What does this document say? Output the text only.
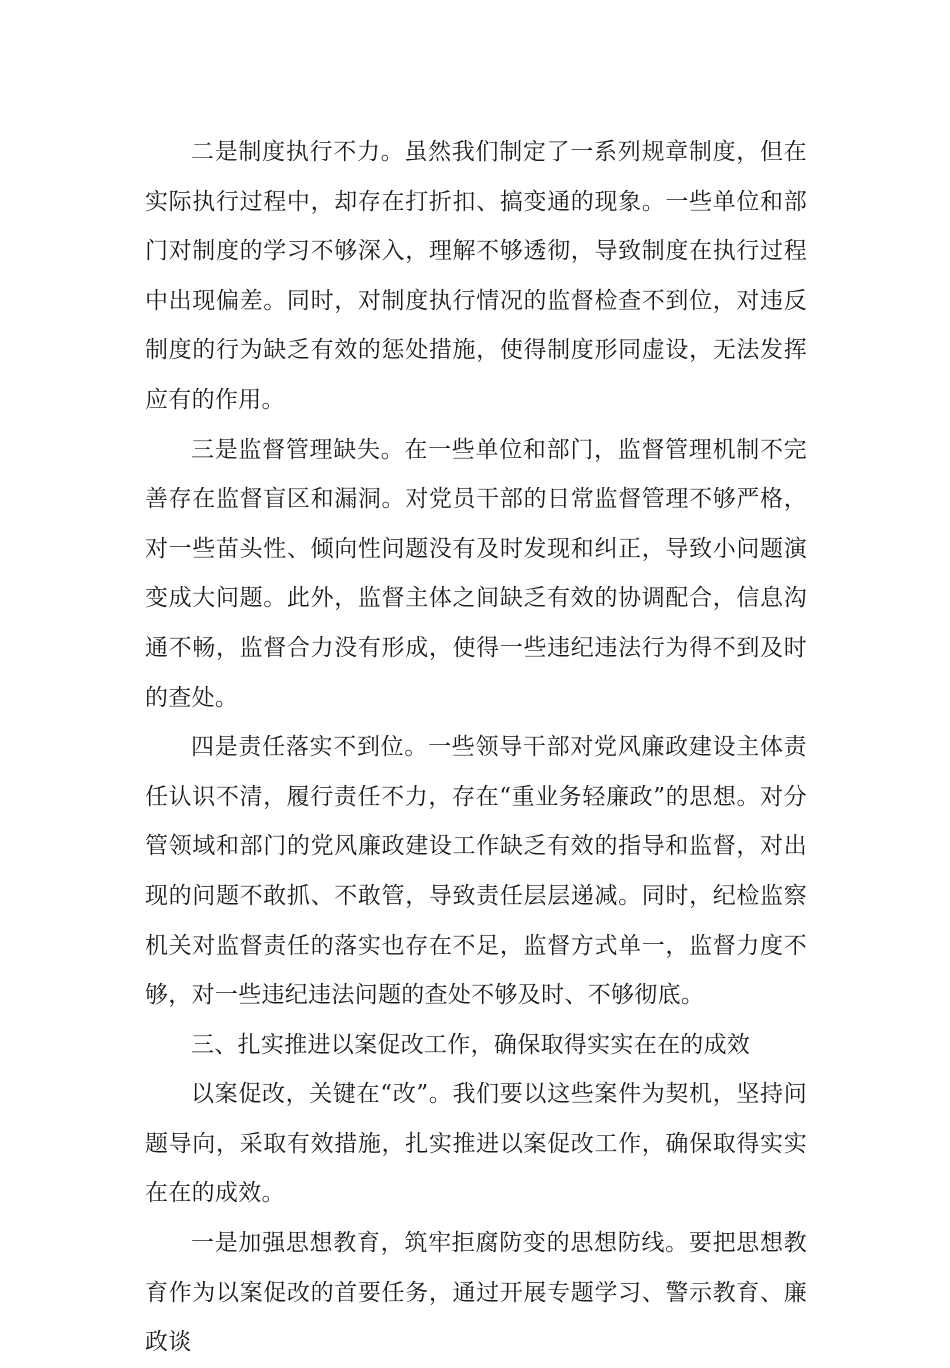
二是制度执行不力。虽然我们制定了一系列规章制度，但在实际执行过程中，却存在打折扣、搞变通的现象。一些单位和部门对制度的学习不够深入，理解不够透彻，导致制度在执行过程中出现偏差。同时，对制度执行情况的监督检查不到位，对违反制度的行为缺乏有效的惩处措施，使得制度形同虚设，无法发挥应有的作用。

三是监督管理缺失。在一些单位和部门，监督管理机制不完善存在监督盲区和漏洞。对党员干部的日常监督管理不够严格，对一些苗头性、倾向性问题没有及时发现和纠正，导致小问题演变成大问题。此外，监督主体之间缺乏有效的协调配合，信息沟通不畅，监督合力没有形成，使得一些违纪违法行为得不到及时的查处。

四是责任落实不到位。一些领导干部对党风廉政建设主体责任认识不清，履行责任不力，存在“重业务轻廉政”的思想。对分管领域和部门的党风廉政建设工作缺乏有效的指导和监督，对出现的问题不敢抓、不敢管，导致责任层层递减。同时，纪检监察机关对监督责任的落实也存在不足，监督方式单一，监督力度不够，对一些违纪违法问题的查处不够及时、不够彻底。

三、扎实推进以案促改工作，确保取得实实在在的成效

以案促改，关键在“改”。我们要以这些案件为契机，坚持问题导向，采取有效措施，扎实推进以案促改工作，确保取得实实在在的成效。

一是加强思想教育，筑牢拒腐防变的思想防线。要把思想教育作为以案促改的首要任务，通过开展专题学习、警示教育、廉政谈
